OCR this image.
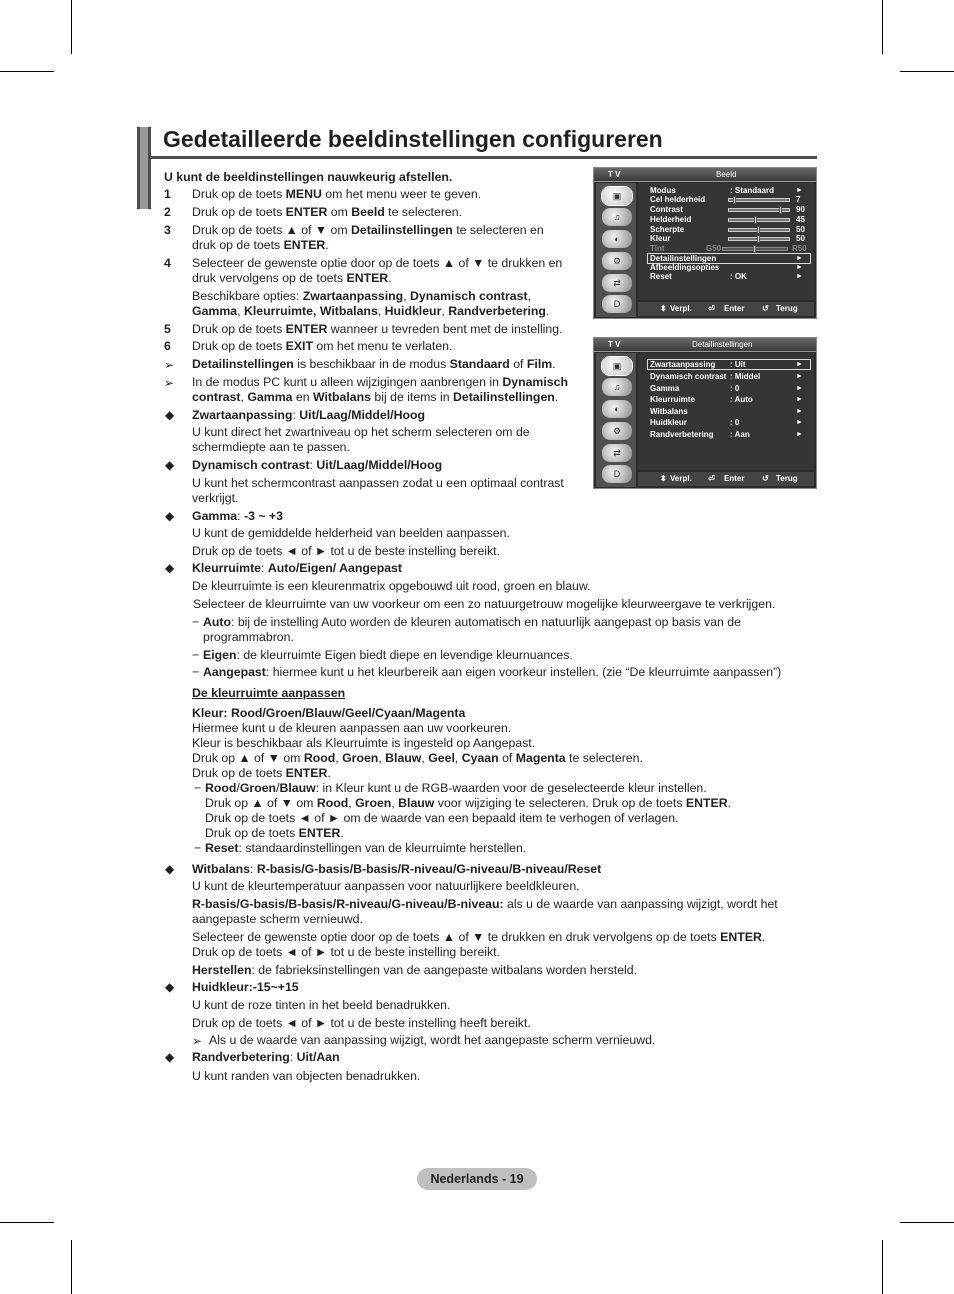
Gedetailleerde beeldinstellingen configureren
U kunt de beeldinstellingen nauwkeurig afstellen.
1 Druk op de toets MENU om het menu weer te geven.
2 Druk op de toets ENTER om Beeld te selecteren.
3 Druk op de toets ▲ of ▼ om Detailinstellingen te selecteren en
druk op de toets ENTER.
4 Selecteer de gewenste optie door op de toets ▲ of ▼ te drukken en
druk vervolgens op de toets ENTER.
Beschikbare opties: Zwartaanpassing, Dynamisch contrast,
Gamma, Kleurruimte, Witbalans, Huidkleur, Randverbetering.
5 Druk op de toets ENTER wanneer u tevreden bent met de instelling.
6 Druk op de toets EXIT om het menu te verlaten.
➢ Detailinstellingen is beschikbaar in de modus Standaard of Film.
➢ In de modus PC kunt u alleen wijzigingen aanbrengen in Dynamisch
contrast, Gamma en Witbalans bij de items in Detailinstellingen.
◆ Zwartaanpassing: Uit/Laag/Middel/Hoog
U kunt direct het zwartniveau op het scherm selecteren om de
schermdiepte aan te passen.
◆ Dynamisch contrast: Uit/Laag/Middel/Hoog
U kunt het schermcontrast aanpassen zodat u een optimaal contrast
verkrijgt.
◆ Gamma: -3 ~ +3
U kunt de gemiddelde helderheid van beelden aanpassen.
Druk op de toets ◄ of ► tot u de beste instelling bereikt.
◆ Kleurruimte: Auto/Eigen/ Aangepast
De kleurruimte is een kleurenmatrix opgebouwd uit rood, groen en blauw.
Selecteer de kleurruimte van uw voorkeur om een zo natuurgetrouw mogelijke kleurweergave te verkrijgen.
− Auto: bij de instelling Auto worden de kleuren automatisch en natuurlijk aangepast op basis van de
programmabron.
− Eigen: de kleurruimte Eigen biedt diepe en levendige kleurnuances.
− Aangepast: hiermee kunt u het kleurbereik aan eigen voorkeur instellen. (zie “De kleurruimte aanpassen”)
De kleurruimte aanpassen
Kleur: Rood/Groen/Blauw/Geel/Cyaan/Magenta
Hiermee kunt u de kleuren aanpassen aan uw voorkeuren.
Kleur is beschikbaar als Kleurruimte is ingesteld op Aangepast.
Druk op ▲ of ▼ om Rood, Groen, Blauw, Geel, Cyaan of Magenta te selecteren.
Druk op de toets ENTER.
− Rood/Groen/Blauw: in Kleur kunt u de RGB-waarden voor de geselecteerde kleur instellen.
Druk op ▲ of ▼ om Rood, Groen, Blauw voor wijziging te selecteren. Druk op de toets ENTER.
Druk op de toets ◄ of ► om de waarde van een bepaald item te verhogen of verlagen.
Druk op de toets ENTER.
− Reset: standaardinstellingen van de kleurruimte herstellen.
◆ Witbalans: R-basis/G-basis/B-basis/R-niveau/G-niveau/B-niveau/Reset
U kunt de kleurtemperatuur aanpassen voor natuurlijkere beeldkleuren.
R-basis/G-basis/B-basis/R-niveau/G-niveau/B-niveau: als u de waarde van aanpassing wijzigt, wordt het
aangepaste scherm vernieuwd.
Selecteer de gewenste optie door op de toets ▲ of ▼ te drukken en druk vervolgens op de toets ENTER.
Druk op de toets ◄ of ► tot u de beste instelling bereikt.
Herstellen: de fabrieksinstellingen van de aangepaste witbalans worden hersteld.
◆ Huidkleur:-15~+15
U kunt de roze tinten in het beeld benadrukken.
Druk op de toets ◄ of ► tot u de beste instelling heeft bereikt.
➢ Als u de waarde van aanpassing wijzigt, wordt het aangepaste scherm vernieuwd.
◆ Randverbetering: Uit/Aan
U kunt randen van objecten benadrukken.
T V	Beeld
▣
♫
◐
⚙
⇄
D
Modus	: Standaard	►
Cel helderheid	7
Contrast	90
Helderheid	45
Scherpte	50
Kleur	50
Tint	G50	R50
Detailinstellingen	►
Afbeeldingsopties	►
Reset	: OK	►
⬍ Verpl. ⏎ Enter ↺ Terug
T V	Detailinstellingen
▣
♫
◐
⚙
⇄
D
Zwartaanpassing : Uit	►
Dynamisch contrast : Middel	►
Gamma	: 0	►
Kleurruimte	: Auto	►
Witbalans	►
Huidkleur	: 0	►
Randverbetering : Aan	►
⬍ Verpl. ⏎ Enter ↺ Terug
Nederlands - 19
